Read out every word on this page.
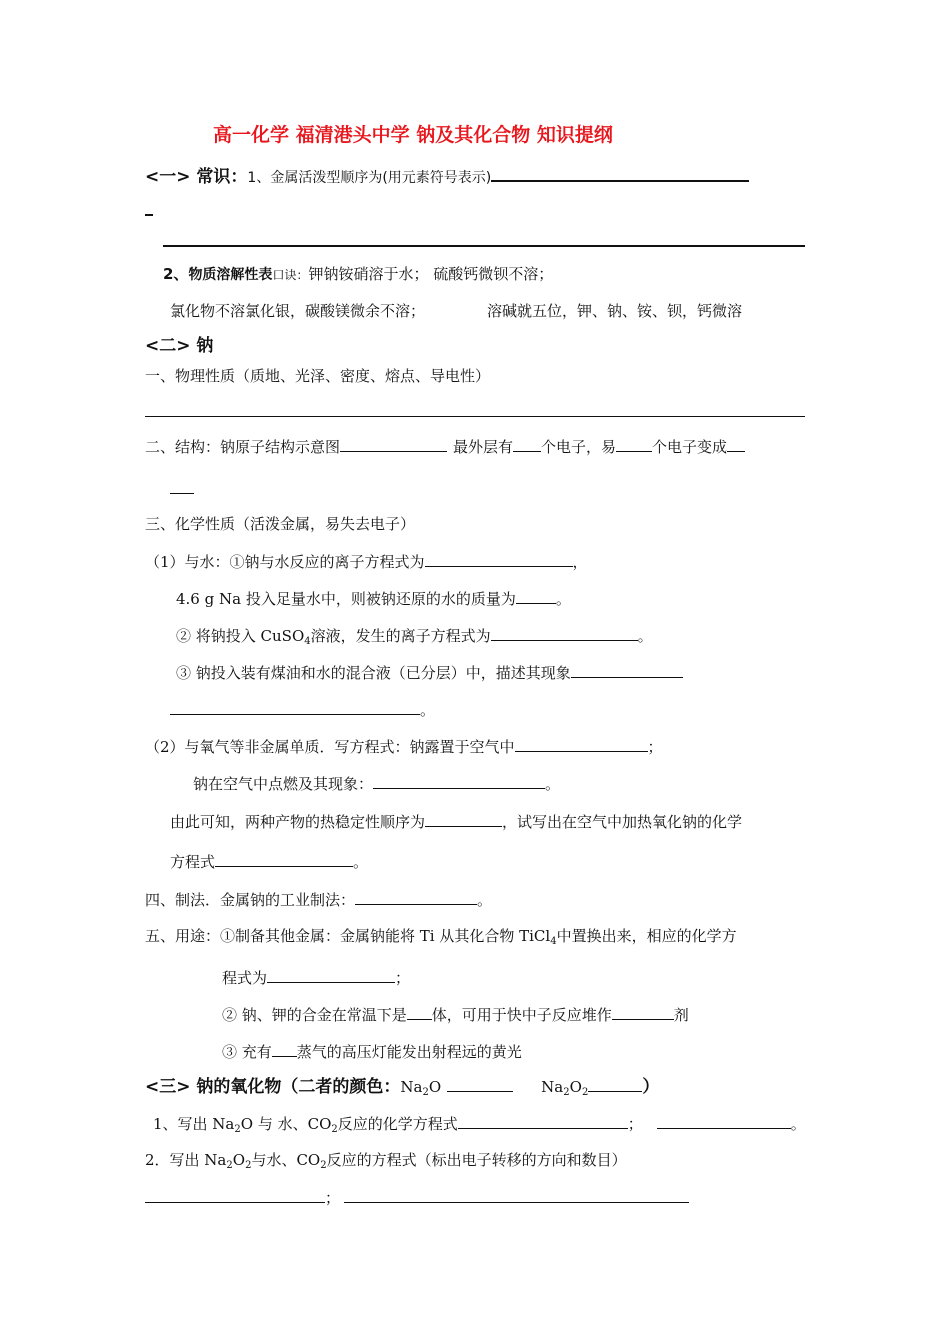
高一化学 福清港头中学 钠及其化合物 知识提纲
<一> 常识：1、金属活泼型顺序为(用元素符号表示)
2、物质溶解性表口诀：钾钠铵硝溶于水； 硫酸钙微钡不溶；
氯化物不溶氯化银，碳酸镁微余不溶；	溶碱就五位，钾、钠、铵、钡，钙微溶
<二> 钠
一、物理性质（质地、光泽、密度、熔点、导电性）
二、结构：钠原子结构示意图	最外层有 个电子，易 个电子变成
三、化学性质（活泼金属，易失去电子）
（1）与水：①钠与水反应的离子方程式为	，
4.6 g Na 投入足量水中，则被钠还原的水的质量为	。
② 将钠投入 CuSO$_4$溶液，发生的离子方程式为	。
③ 钠投入装有煤油和水的混合液（已分层）中，描述其现象
。
（2）与氧气等非金属单质．写方程式：钠露置于空气中	；
钠在空气中点燃及其现象：	。
由此可知，两种产物的热稳定性顺序为	，试写出在空气中加热氧化钠的化学
方程式	。
四、制法．金属钠的工业制法：	。
五、用途：①制备其他金属：金属钠能将 Ti 从其化合物 TiCl$_4$中置换出来，相应的化学方
程式为	；
② 钠、钾的合金在常温下是 体，可用于快中子反应堆作	剂
③ 充有 蒸气的高压灯能发出射程远的黄光
<三> 钠的氧化物（二者的颜色：$Na_2O$	$Na_2O_2$	）
1、写出 $Na_2O$ 与 水、$CO_2$反应的化学方程式	；	。
2．写出 $Na_2O_2$与水、$CO_2$反应的方程式（标出电子转移的方向和数目）
；
